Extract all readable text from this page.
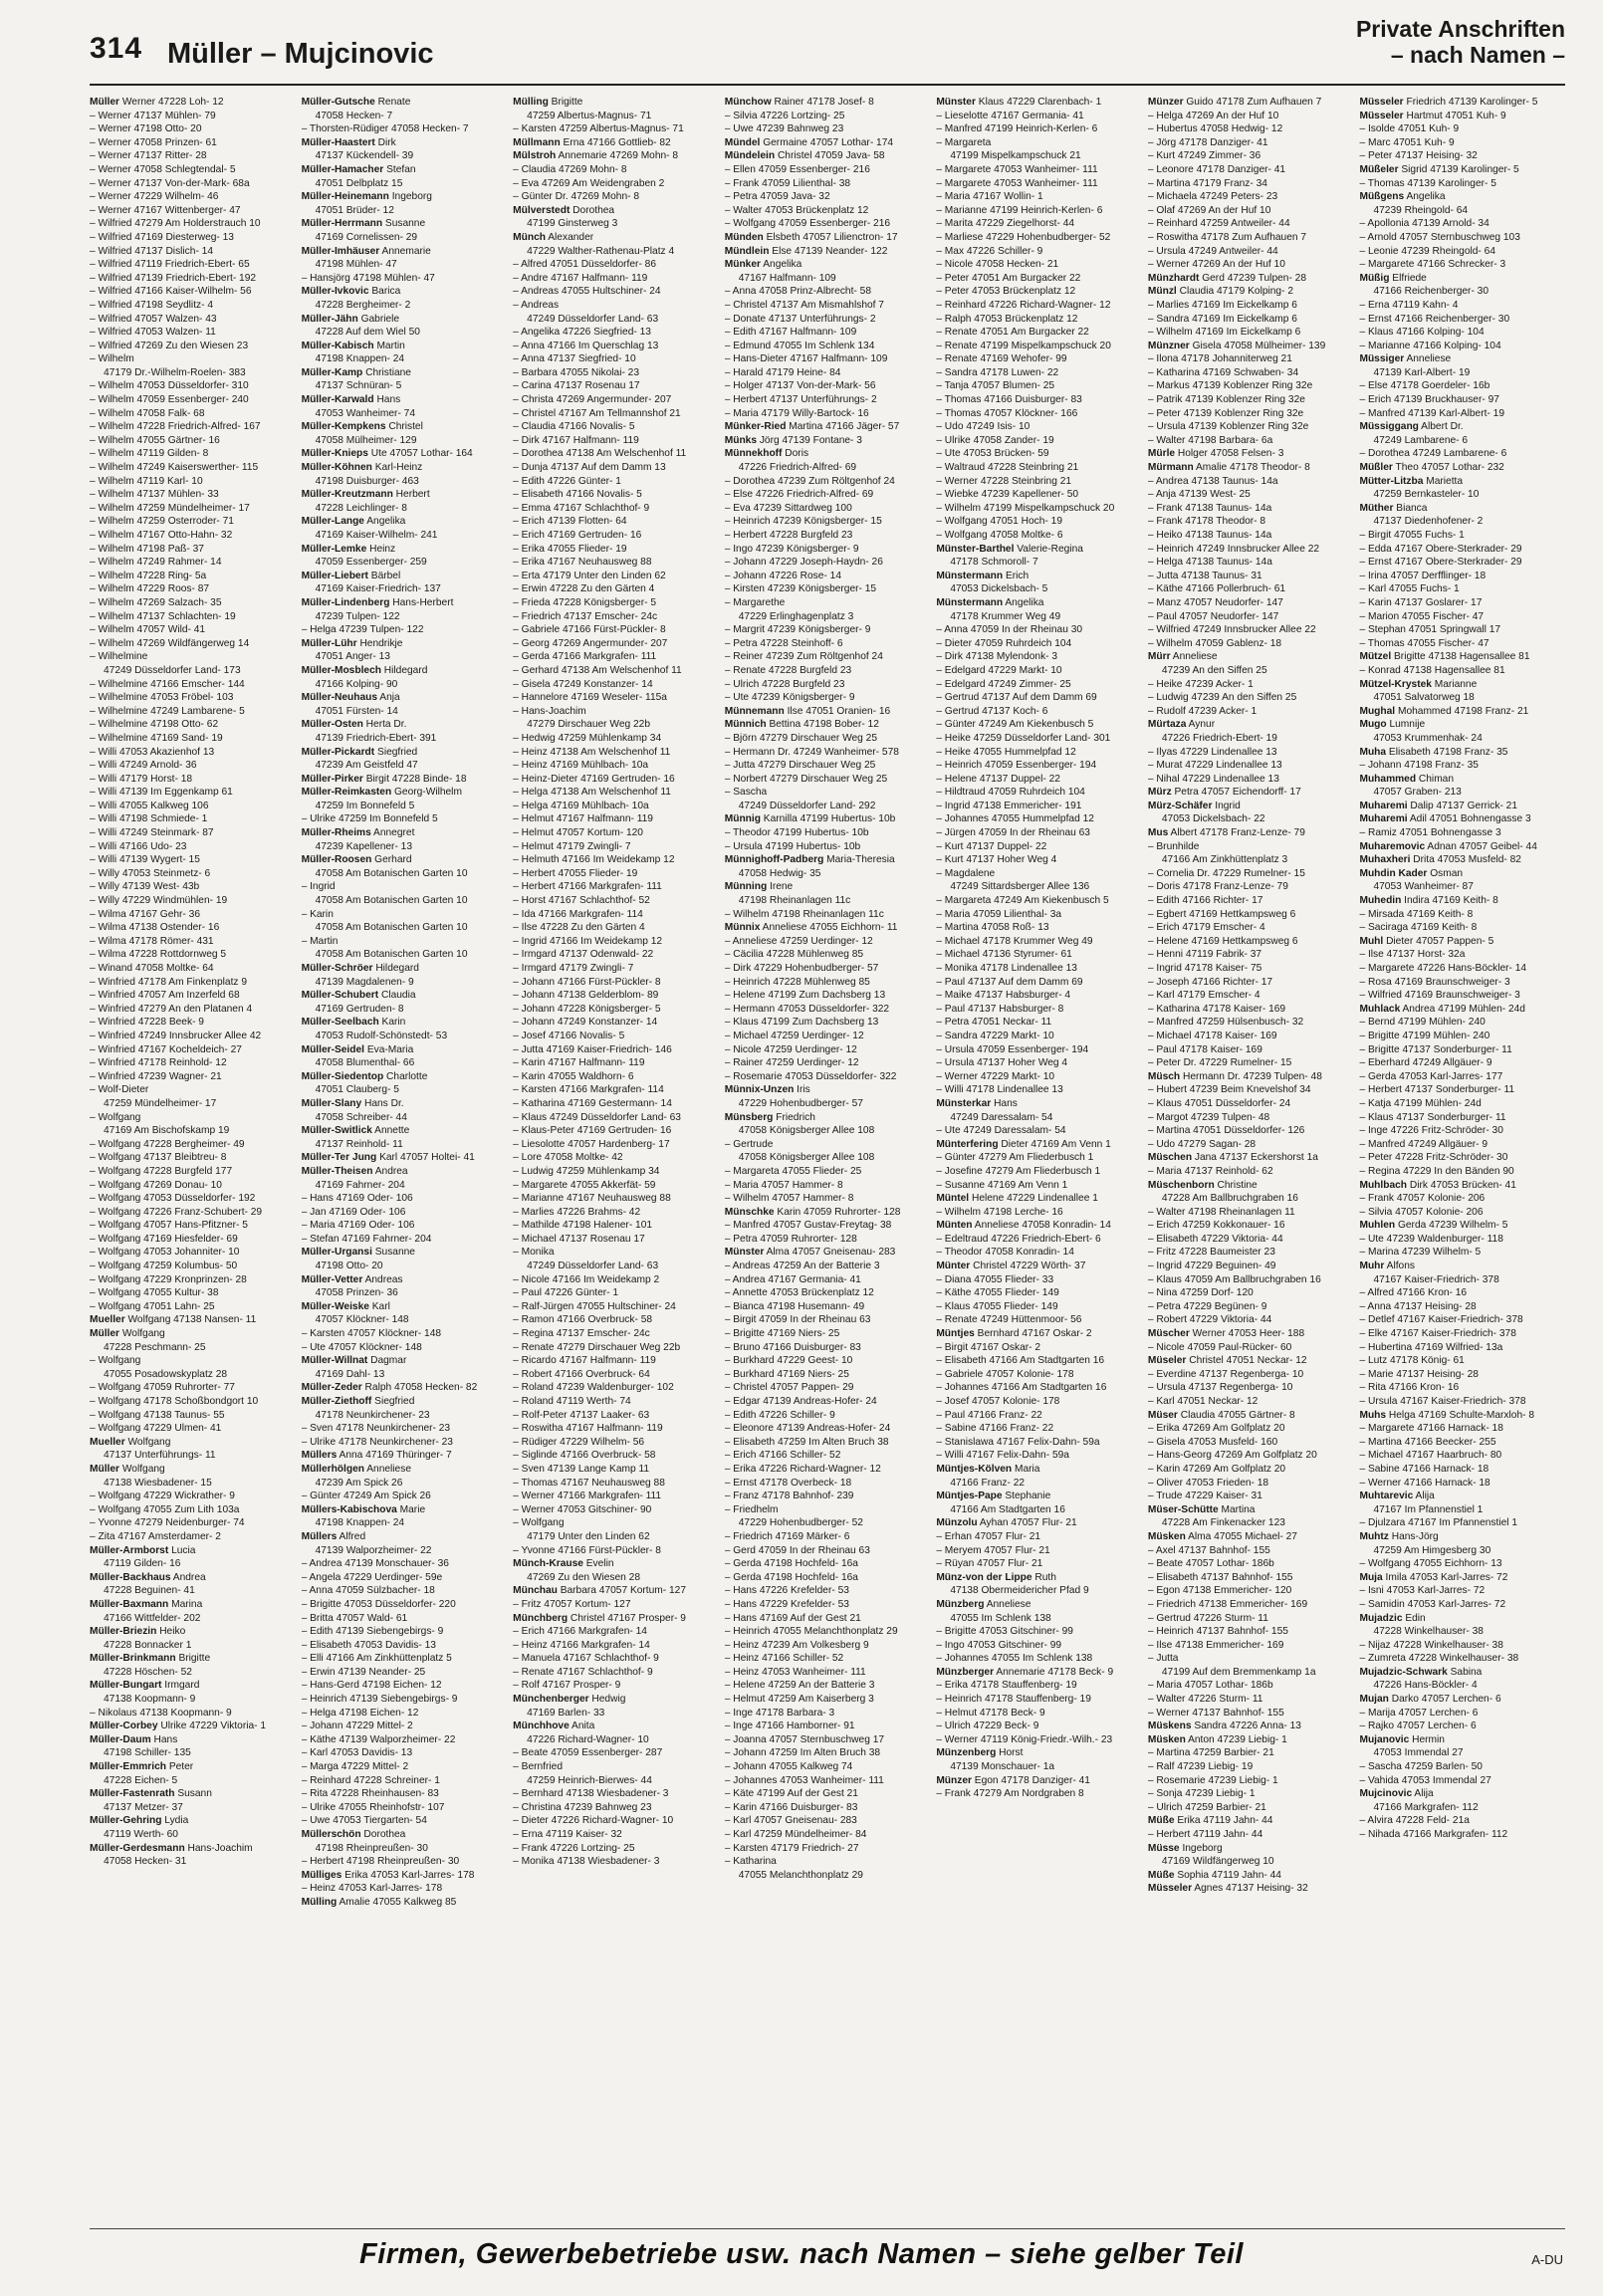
314 Müller – Mujcinovic
Private Anschriften
– nach Namen –
Müller Werner 47228 Loh- 12
– Werner 47137 Mühlen- 79
– Werner 47198 Otto- 20
– Werner 47058 Prinzen- 61
– Werner 47137 Ritter- 28
– Werner 47058 Schlegtendal- 5
– Werner 47137 Von-der-Mark- 68a
– Werner 47229 Wilhelm- 46
– Werner 47167 Wittenberger- 47
– Wilfried 47279 Am Holderstrauch 10
– Wilfried 47169 Diesterweg- 13
– Wilfried 47137 Dislich- 14
– Wilfried 47119 Friedrich-Ebert- 65
– Wilfried 47139 Friedrich-Ebert- 192
– Wilfried 47166 Kaiser-Wilhelm- 56
– Wilfried 47198 Seydlitz- 4
– Wilfried 47057 Walzen- 43
– Wilfried 47053 Walzen- 11
– Wilfried 47269 Zu den Wiesen 23
– Wilhelm
47179 Dr.-Wilhelm-Roelen- 383
– Wilhelm 47053 Düsseldorfer- 310
– Wilhelm 47059 Essenberger- 240
– Wilhelm 47058 Falk- 68
– Wilhelm 47228 Friedrich-Alfred- 167
– Wilhelm 47055 Gärtner- 16
– Wilhelm 47119 Gilden- 8
– Wilhelm 47249 Kaiserswerther- 115
– Wilhelm 47119 Karl- 10
– Wilhelm 47137 Mühlen- 33
– Wilhelm 47259 Mündelheimer- 17
– Wilhelm 47259 Osterroder- 71
– Wilhelm 47167 Otto-Hahn- 32
– Wilhelm 47198 Paß- 37
– Wilhelm 47249 Rahmer- 14
– Wilhelm 47228 Ring- 5a
– Wilhelm 47229 Roos- 87
– Wilhelm 47269 Salzach- 35
– Wilhelm 47137 Schlachten- 19
– Wilhelm 47057 Wild- 41
– Wilhelm 47269 Wildfängerweg 14
– Wilhelmine
47249 Düsseldorfer Land- 173
– Wilhelmine 47166 Emscher- 144
– Wilhelmine 47053 Fröbel- 103
– Wilhelmine 47249 Lambarene- 5
– Wilhelmine 47198 Otto- 62
– Wilhelmine 47169 Sand- 19
– Willi 47053 Akazienhof 13
– Willi 47249 Arnold- 36
– Willi 47179 Horst- 18
– Willi 47139 Im Eggenkamp 61
– Willi 47055 Kalkweg 106
– Willi 47198 Schmiede- 1
– Willi 47249 Steinmark- 87
– Willi 47166 Udo- 23
– Willi 47139 Wygert- 15
– Willy 47053 Steinmetz- 6
– Willy 47139 West- 43b
– Willy 47229 Windmühlen- 19
– Wilma 47167 Gehr- 36
– Wilma 47138 Ostender- 16
– Wilma 47178 Römer- 431
– Wilma 47228 Rottdornweg 5
– Winand 47058 Moltke- 64
– Winfried 47178 Am Finkenplatz 9
– Winfried 47057 Am Inzerfeld 68
– Winfried 47279 An den Platanen 4
– Winfried 47228 Beek- 9
– Winfried 47249 Innsbrucker Allee 42
– Winfried 47167 Kocheldeich- 27
– Winfried 47178 Reinhold- 12
– Winfried 47239 Wagner- 21
– Wolf-Dieter
47259 Mündelheimer- 17
– Wolfgang
47169 Am Bischofskamp 19
– Wolfgang 47228 Bergheimer- 49
– Wolfgang 47137 Bleibtreu- 8
– Wolfgang 47228 Burgfeld 177
– Wolfgang 47269 Donau- 10
– Wolfgang 47053 Düsseldorfer- 192
– Wolfgang 47226 Franz-Schubert- 29
– Wolfgang 47057 Hans-Pfitzner- 5
– Wolfgang 47169 Hiesfelder- 69
– Wolfgang 47053 Johanniter- 10
– Wolfgang 47259 Kolumbus- 50
– Wolfgang 47229 Kronprinzen- 28
– Wolfgang 47055 Kultur- 38
– Wolfgang 47051 Lahn- 25
Mueller Wolfgang 47138 Nansen- 11
Müller Wolfgang
47228 Peschmann- 25
– Wolfgang
47055 Posadowskyplatz 28
– Wolfgang 47059 Ruhrorter- 77
– Wolfgang 47178 Schoßbondgort 10
– Wolfgang 47138 Taunus- 55
– Wolfgang 47229 Ulmen- 41
Mueller Wolfgang
47137 Unterführungs- 11
Müller Wolfgang
47138 Wiesbadener- 15
– Wolfgang 47229 Wickrather- 9
– Wolfgang 47055 Zum Lith 103a
– Yvonne 47279 Neidenburger- 74
– Zita 47167 Amsterdamer- 2
Müller-Armborst Lucia
47119 Gilden- 16
Müller-Backhaus Andrea
47228 Beguinen- 41
Müller-Baxmann Marina
47166 Wittfelder- 202
Müller-Briezin Heiko
47228 Bonnacker 1
Müller-Brinkmann Brigitte
47228 Höschen- 52
Müller-Bungart Irmgard
47138 Koopmann- 9
– Nikolaus 47138 Koopmann- 9
Müller-Corbey Ulrike 47229 Viktoria- 1
Müller-Daum Hans
47198 Schiller- 135
Müller-Emmrich Peter
47228 Eichen- 5
Müller-Fastenrath Susann
47137 Metzer- 37
Müller-Gehring Lydia
47119 Werth- 60
Müller-Gerdesmann Hans-Joachim
47058 Hecken- 31
Müller-Gutsche Renate
47058 Hecken- 7
– Thorsten-Rüdiger 47058 Hecken- 7
Müller-Haastert Dirk
47137 Kückendell- 39
Müller-Hamacher Stefan
47051 Delbplatz 15
Müller-Heinemann Ingeborg
47051 Brüder- 12
Müller-Herrmann Susanne
47169 Cornelissen- 29
Müller-Imhäuser Annemarie
47198 Mühlen- 47
– Hansjörg 47198 Mühlen- 47
Müller-Ivkovic Barica
47228 Bergheimer- 2
Müller-Jähn Gabriele
47228 Auf dem Wiel 50
Müller-Kabisch Martin
47198 Knappen- 24
Müller-Kamp Christiane
47137 Schnüran- 5
Müller-Karwald Hans
47053 Wanheimer- 74
Müller-Kempkens Christel
47058 Mülheimer- 129
Müller-Knieps Ute 47057 Lothar- 164
Müller-Köhnen Karl-Heinz
47198 Duisburger- 463
Müller-Kreutzmann Herbert
47228 Leichlinger- 8
Müller-Lange Angelika
47169 Kaiser-Wilhelm- 241
Müller-Lemke Heinz
47059 Essenberger- 259
Müller-Liebert Bärbel
47169 Kaiser-Friedrich- 137
Müller-Lindenberg Hans-Herbert
47239 Tulpen- 122
– Helga 47239 Tulpen- 122
Müller-Lühr Hendrikje
47051 Anger- 13
Müller-Mosblech Hildegard
47166 Kolping- 90
Müller-Neuhaus Anja
47051 Fürsten- 14
Müller-Osten Herta Dr.
47139 Friedrich-Ebert- 391
Müller-Pickardt Siegfried
47239 Am Geistfeld 47
Müller-Pirker Birgit 47228 Binde- 18
Müller-Reimkasten Georg-Wilhelm
47259 Im Bonnefeld 5
– Ulrike 47259 Im Bonnefeld 5
Müller-Rheims Annegret
47239 Kapellener- 13
Müller-Roosen Gerhard
47058 Am Botanischen Garten 10
– Ingrid
47058 Am Botanischen Garten 10
– Karin
47058 Am Botanischen Garten 10
– Martin
47058 Am Botanischen Garten 10
Müller-Schröer Hildegard
47139 Magdalenen- 9
Müller-Schubert Claudia
47169 Gertruden- 8
Müller-Seelbach Karin
47053 Rudolf-Schönstedt- 53
Müller-Seidel Eva-Maria
47058 Blumenthal- 66
Müller-Siedentop Charlotte
47051 Clauberg- 5
Müller-Slany Hans Dr.
47058 Schreiber- 44
Müller-Switlick Annette
47137 Reinhold- 11
Müller-Ter Jung Karl 47057 Holtei- 41
Müller-Theisen Andrea
47169 Fahrner- 204
– Hans 47169 Oder- 106
– Jan 47169 Oder- 106
– Maria 47169 Oder- 106
– Stefan 47169 Fahrner- 204
Müller-Urgansi Susanne
47198 Otto- 20
Müller-Vetter Andreas
47058 Prinzen- 36
Müller-Weiske Karl
47057 Klöckner- 148
– Karsten 47057 Klöckner- 148
– Ute 47057 Klöckner- 148
Müller-Willnat Dagmar
47169 Dahl- 13
Müller-Zeder Ralph 47058 Hecken- 82
Müller-Ziethoff Siegfried
47178 Neunkirchener- 23
– Sven 47178 Neunkirchener- 23
– Ulrike 47178 Neunkirchener- 23
Müllers Anna 47169 Thüringer- 7
Müllerhölgen Anneliese
47239 Am Spick 26
– Günter 47249 Am Spick 26
Müllers-Kabischova Marie
47198 Knappen- 24
Müllers Alfred
47139 Walporzheimer- 22
– Andrea 47139 Monschauer- 36
– Angela 47229 Uerdinger- 59e
– Anna 47059 Sülzbacher- 18
– Brigitte 47053 Düsseldorfer- 220
– Britta 47057 Wald- 61
– Edith 47139 Siebengebirgs- 9
– Elisabeth 47053 Davidis- 13
– Elli 47166 Am Zinkhüttenplatz 5
– Erwin 47139 Neander- 25
– Hans-Gerd 47198 Eichen- 12
– Heinrich 47139 Siebengebirgs- 9
– Helga 47198 Eichen- 12
– Johann 47229 Mittel- 2
– Käthe 47139 Walporzheimer- 22
– Karl 47053 Davidis- 13
– Marga 47229 Mittel- 2
– Reinhard 47228 Schreiner- 1
– Rita 47228 Rheinhausen- 83
– Ulrike 47055 Rheinhofstr- 107
– Uwe 47053 Tiergarten- 54
Müllerschön Dorothea
47198 Rheinpreußen- 30
– Herbert 47198 Rheinpreußen- 30
Mülliges Erika 47053 Karl-Jarres- 178
– Heinz 47053 Karl-Jarres- 178
Mülling Amalie 47055 Kalkweg 85
Mülling Brigitte
47259 Albertus-Magnus- 71
– Karsten 47259 Albertus-Magnus- 71
Müllmann Erna 47166 Gottlieb- 82
Mülstroh Annemarie 47269 Mohn- 8
– Claudia 47269 Mohn- 8
– Eva 47269 Am Weidengraben 2
– Günter Dr. 47269 Mohn- 8
Mülverstedt Dorothea
47199 Ginsterweg 3
Münch Alexander
47229 Walther-Rathenau-Platz 4
– Alfred 47051 Düsseldorfer- 86
– Andre 47167 Halfmann- 119
– Andreas 47055 Hultschiner- 24
– Andreas
47249 Düsseldorfer Land- 63
– Angelika 47226 Siegfried- 13
– Anna 47166 Im Querschlag 13
– Anna 47137 Siegfried- 10
– Barbara 47055 Nikolai- 23
– Carina 47137 Rosenau 17
– Christa 47269 Angermunder- 207
– Christel 47167 Am Tellmannshof 21
– Claudia 47166 Novalis- 5
– Dirk 47167 Halfmann- 119
– Dorothea 47138 Am Welschenhof 11
– Dunja 47137 Auf dem Damm 13
– Edith 47226 Günter- 1
– Elisabeth 47166 Novalis- 5
– Emma 47167 Schlachthof- 9
– Erich 47139 Flotten- 64
– Erich 47169 Gertruden- 16
– Erika 47055 Flieder- 19
– Erika 47167 Neuhausweg 88
– Erta 47179 Unter den Linden 62
– Erwin 47228 Zu den Gärten 4
– Frieda 47228 Königsberger- 5
– Friedrich 47137 Emscher- 24c
– Gabriele 47166 Fürst-Pückler- 8
– Georg 47269 Angermunder- 207
– Gerda 47166 Markgrafen- 111
– Gerhard 47138 Am Welschenhof 11
– Gisela 47249 Konstanzer- 14
– Hannelore 47169 Weseler- 115a
– Hans-Joachim
47279 Dirschauer Weg 22b
– Hedwig 47259 Mühlenkamp 34
– Heinz 47138 Am Welschenhof 11
– Heinz 47169 Mühlbach- 10a
– Heinz-Dieter 47169 Gertruden- 16
– Helga 47138 Am Welschenhof 11
– Helga 47169 Mühlbach- 10a
– Helmut 47167 Halfmann- 119
– Helmut 47057 Kortum- 120
– Helmut 47179 Zwingli- 7
– Helmuth 47166 Im Weidekamp 12
– Herbert 47055 Flieder- 19
– Herbert 47166 Markgrafen- 111
– Horst 47167 Schlachthof- 52
– Ida 47166 Markgrafen- 114
– Ilse 47228 Zu den Gärten 4
– Ingrid 47166 Im Weidekamp 12
– Irmgard 47137 Odenwald- 22
– Irmgard 47179 Zwingli- 7
– Johann 47166 Fürst-Pückler- 8
– Johann 47138 Gelderblom- 89
– Johann 47228 Königsberger- 5
– Johann 47249 Konstanzer- 14
– Josef 47166 Novalis- 5
– Jutta 47169 Kaiser-Friedrich- 146
– Karin 47167 Halfmann- 119
– Karin 47055 Waldhorn- 6
– Karsten 47166 Markgrafen- 114
– Katharina 47169 Gestermann- 14
– Klaus 47249 Düsseldorfer Land- 63
– Klaus-Peter 47169 Gertruden- 16
– Liesolotte 47057 Hardenberg- 17
– Lore 47058 Moltke- 42
– Ludwig 47259 Mühlenkamp 34
– Margarete 47055 Akkerfät- 59
– Marianne 47167 Neuhausweg 88
– Marlies 47226 Brahms- 42
– Mathilde 47198 Halener- 101
– Michael 47137 Rosenau 17
– Monika
47249 Düsseldorfer Land- 63
– Nicole 47166 Im Weidekamp 2
– Paul 47226 Günter- 1
– Ralf-Jürgen 47055 Hultschiner- 24
– Ramon 47166 Overbruck- 58
– Regina 47137 Emscher- 24c
– Renate 47279 Dirschauer Weg 22b
– Ricardo 47167 Halfmann- 119
– Robert 47166 Overbruck- 64
– Roland 47239 Waldenburger- 102
– Roland 47119 Werth- 74
– Rolf-Peter 47137 Laaker- 63
– Roswitha 47167 Halfmann- 119
– Rüdiger 47229 Wilhelm- 56
– Siglinde 47166 Overbruck- 58
– Sven 47139 Lange Kamp 11
– Thomas 47167 Neuhausweg 88
– Werner 47166 Markgrafen- 111
– Werner 47053 Gitschiner- 90
– Wolfgang
47179 Unter den Linden 62
– Yvonne 47166 Fürst-Pückler- 8
Münch-Krause Evelin
47269 Zu den Wiesen 28
Münchau Barbara 47057 Kortum- 127
– Fritz 47057 Kortum- 127
Münchberg Christel 47167 Prosper- 9
– Erich 47166 Markgrafen- 14
– Heinz 47166 Markgrafen- 14
– Manuela 47167 Schlachthof- 9
– Renate 47167 Schlachthof- 9
– Rolf 47167 Prosper- 9
Münchenberger Hedwig
47169 Barlen- 33
Münchhove Anita
47226 Richard-Wagner- 10
– Beate 47059 Essenberger- 287
– Bernfried
47259 Heinrich-Bierwes- 44
– Bernhard 47138 Wiesbadener- 3
– Christina 47239 Bahnweg 23
– Dieter 47226 Richard-Wagner- 10
– Erna 47119 Kaiser- 32
– Frank 47226 Lortzing- 25
– Monika 47138 Wiesbadener- 3
Münchow Rainer 47178 Josef- 8
– Silvia 47226 Lortzing- 25
– Uwe 47239 Bahnweg 23
Mündel Germaine 47057 Lothar- 174
Mündelein Christel 47059 Java- 58
– Ellen 47059 Essenberger- 216
– Frank 47059 Lilienthal- 38
– Petra 47059 Java- 32
– Walter 47053 Brückenplatz 12
– Wolfgang 47059 Essenberger- 216
Münden Elsbeth 47057 Lilienctron- 17
Mündlein Else 47139 Neander- 122
Münker Angelika
47167 Halfmann- 109
– Anna 47058 Prinz-Albrecht- 58
– Christel 47137 Am Mismahlshof 7
– Donate 47137 Unterführungs- 2
– Edith 47167 Halfmann- 109
– Edmund 47055 Im Schlenk 134
– Hans-Dieter 47167 Halfmann- 109
– Harald 47179 Heine- 84
– Holger 47137 Von-der-Mark- 56
– Herbert 47137 Unterführungs- 2
– Maria 47179 Willy-Bartock- 16
Münker-Ried Martina 47166 Jäger- 57
Münks Jörg 47139 Fontane- 3
Münnekhoff Doris
47226 Friedrich-Alfred- 69
– Dorothea 47239 Zum Röltgenhof 24
– Else 47226 Friedrich-Alfred- 69
– Eva 47239 Sittardweg 100
– Heinrich 47239 Königsberger- 15
– Herbert 47228 Burgfeld 23
– Ingo 47239 Königsberger- 9
– Johann 47229 Joseph-Haydn- 26
– Johann 47226 Rose- 14
– Kirsten 47239 Königsberger- 15
– Margarethe
47229 Erlinghagenplatz 3
– Margrit 47239 Königsberger- 9
– Petra 47228 Steinhoff- 6
– Reiner 47239 Zum Röltgenhof 24
– Renate 47228 Burgfeld 23
– Ulrich 47228 Burgfeld 23
– Ute 47239 Königsberger- 9
Münnemann Ilse 47051 Oranien- 16
Münnich Bettina 47198 Bober- 12
– Björn 47279 Dirschauer Weg 25
– Hermann Dr. 47249 Wanheimer- 578
– Jutta 47279 Dirschauer Weg 25
– Norbert 47279 Dirschauer Weg 25
– Sascha
47249 Düsseldorfer Land- 292
Münnig Karnilla 47199 Hubertus- 10b
– Theodor 47199 Hubertus- 10b
– Ursula 47199 Hubertus- 10b
Münnighoff-Padberg Maria-Theresia
47058 Hedwig- 35
Münning Irene
47198 Rheinanlagen 11c
– Wilhelm 47198 Rheinanlagen 11c
Münnix Anneliese 47055 Eichhorn- 11
– Anneliese 47259 Uerdinger- 12
– Cäcilia 47228 Mühlenweg 85
– Dirk 47229 Hohenbudberger- 57
– Heinrich 47228 Mühlenweg 85
– Helene 47199 Zum Dachsberg 13
– Hermann 47053 Düsseldorfer- 322
– Klaus 47199 Zum Dachsberg 13
– Michael 47259 Uerdinger- 12
– Nicole 47259 Uerdinger- 12
– Rainer 47259 Uerdinger- 12
– Rosemarie 47053 Düsseldorfer- 322
Münnix-Unzen Iris
47229 Hohenbudberger- 57
Münsberg Friedrich
47058 Königsberger Allee 108
– Gertrude
47058 Königsberger Allee 108
– Margareta 47055 Flieder- 25
– Maria 47057 Hammer- 8
– Wilhelm 47057 Hammer- 8
Münschke Karin 47059 Ruhrorter- 128
– Manfred 47057 Gustav-Freytag- 38
– Petra 47059 Ruhrorter- 128
Münster Alma 47057 Gneisenau- 283
– Andreas 47259 An der Batterie 3
– Andrea 47167 Germania- 41
– Annette 47053 Brückenplatz 12
– Bianca 47198 Husemann- 49
– Birgit 47059 In der Rheinau 63
– Brigitte 47169 Niers- 25
– Bruno 47166 Duisburger- 83
– Burkhard 47229 Geest- 10
– Burkhard 47169 Niers- 25
– Christel 47057 Pappen- 29
– Edgar 47139 Andreas-Hofer- 24
– Edith 47226 Schiller- 9
– Eleonore 47139 Andreas-Hofer- 24
– Elisabeth 47259 Im Alten Bruch 38
– Erich 47166 Schiller- 52
– Erika 47226 Richard-Wagner- 12
– Ernst 47178 Overbeck- 18
– Franz 47178 Bahnhof- 239
– Friedhelm
47229 Hohenbudberger- 52
– Friedrich 47169 Märker- 6
– Gerd 47059 In der Rheinau 63
– Gerda 47198 Hochfeld- 16a
– Gerda 47198 Hochfeld- 16a
– Hans 47226 Krefelder- 53
– Hans 47229 Krefelder- 53
– Hans 47169 Auf der Gest 21
– Heinrich 47055 Melanchthonplatz 29
– Heinz 47239 Am Volkesberg 9
– Heinz 47166 Schiller- 52
– Heinz 47053 Wanheimer- 111
– Helene 47259 An der Batterie 3
– Helmut 47259 Am Kaiserberg 3
– Inge 47178 Barbara- 3
– Inge 47166 Hamborner- 91
– Joanna 47057 Sternbuschweg 17
– Johann 47259 Im Alten Bruch 38
– Johann 47055 Kalkweg 74
– Johannes 47053 Wanheimer- 111
– Käte 47199 Auf der Gest 21
– Karin 47166 Duisburger- 83
– Karl 47057 Gneisenau- 283
– Karl 47259 Mündelheimer- 84
– Karsten 47179 Friedrich- 27
– Katharina
47055 Melanchthonplatz 29
Münster Klaus 47229 Clarenbach- 1
– Lieselotte 47167 Germania- 41
– Manfred 47199 Heinrich-Kerlen- 6
– Margareta
47199 Mispelkampschuck 21
– Margarete 47053 Wanheimer- 111
– Margarete 47053 Wanheimer- 111
– Maria 47167 Wollin- 1
– Marianne 47199 Heinrich-Kerlen- 6
– Marita 47229 Ziegelhorst- 44
– Marliese 47229 Hohenbudberger- 52
– Max 47226 Schiller- 9
– Nicole 47058 Hecken- 21
– Peter 47051 Am Burgacker 22
– Peter 47053 Brückenplatz 12
– Reinhard 47226 Richard-Wagner- 12
– Ralph 47053 Brückenplatz 12
– Renate 47051 Am Burgacker 22
– Renate 47199 Mispelkampschuck 20
– Renate 47169 Wehofer- 99
– Sandra 47178 Luwen- 22
– Tanja 47057 Blumen- 25
– Thomas 47166 Duisburger- 83
– Thomas 47057 Klöckner- 166
– Udo 47249 Isis- 10
– Ulrike 47058 Zander- 19
– Ute 47053 Brücken- 59
– Waltraud 47228 Steinbring 21
– Werner 47228 Steinbring 21
– Wiebke 47239 Kapellener- 50
– Wilhelm 47199 Mispelkampschuck 20
– Wolfgang 47051 Hoch- 19
– Wolfgang 47058 Moltke- 6
Münster-Barthel Valerie-Regina
47178 Schmoroll- 7
Münstermann Erich
47053 Dickelsbach- 5
Münstermann Angelika
47178 Krummer Weg 49
– Anna 47059 In der Rheinau 30
– Dieter 47059 Ruhrdeich 104
– Dirk 47138 Mylendonk- 3
– Edelgard 47229 Markt- 10
– Edelgard 47249 Zimmer- 25
– Gertrud 47137 Auf dem Damm 69
– Gertrud 47137 Koch- 6
– Günter 47249 Am Kiekenbusch 5
– Heike 47259 Düsseldorfer Land- 301
– Heike 47055 Hummelpfad 12
– Heinrich 47059 Essenberger- 194
– Helene 47137 Duppel- 22
– Hildtraud 47059 Ruhrdeich 104
– Ingrid 47138 Emmericher- 191
– Johannes 47055 Hummelpfad 12
– Jürgen 47059 In der Rheinau 63
– Kurt 47137 Duppel- 22
– Kurt 47137 Hoher Weg 4
– Magdalene
47249 Sittardsberger Allee 136
– Margareta 47249 Am Kiekenbusch 5
– Maria 47059 Lilienthal- 3a
– Martina 47058 Roß- 13
– Michael 47178 Krummer Weg 49
– Michael 47136 Styrumer- 61
– Monika 47178 Lindenallee 13
– Paul 47137 Auf dem Damm 69
– Maike 47137 Habsburger- 4
– Paul 47137 Habsburger- 8
– Petra 47051 Neckar- 11
– Sandra 47229 Markt- 10
– Ursula 47059 Essenberger- 194
– Ursula 47137 Hoher Weg 4
– Werner 47229 Markt- 10
– Willi 47178 Lindenallee 13
Münsterkar Hans
47249 Daressalam- 54
– Ute 47249 Daressalam- 54
Münterfering Dieter 47169 Am Venn 1
– Günter 47279 Am Fliederbusch 1
– Josefine 47279 Am Fliederbusch 1
– Susanne 47169 Am Venn 1
Müntel Helene 47229 Lindenallee 1
– Wilhelm 47198 Lerche- 16
Münten Anneliese 47058 Konradin- 14
– Edeltraud 47226 Friedrich-Ebert- 6
– Theodor 47058 Konradin- 14
Münter Christel 47229 Wörth- 37
– Diana 47055 Flieder- 33
– Käthe 47055 Flieder- 149
– Klaus 47055 Flieder- 149
– Renate 47249 Hüttenmoor- 56
Müntjes Bernhard 47167 Oskar- 2
– Birgit 47167 Oskar- 2
– Elisabeth 47166 Am Stadtgarten 16
– Gabriele 47057 Kolonie- 178
– Johannes 47166 Am Stadtgarten 16
– Josef 47057 Kolonie- 178
– Paul 47166 Franz- 22
– Sabine 47166 Franz- 22
– Stanislawa 47167 Felix-Dahn- 59a
– Willi 47167 Felix-Dahn- 59a
Müntjes-Kölven Maria
47166 Franz- 22
Müntjes-Pape Stephanie
47166 Am Stadtgarten 16
Münzolu Ayhan 47057 Flur- 21
– Erhan 47057 Flur- 21
– Meryem 47057 Flur- 21
– Rüyan 47057 Flur- 21
Münz-von der Lippe Ruth
47138 Obermeidericher Pfad 9
Münzberg Anneliese
47055 Im Schlenk 138
– Brigitte 47053 Gitschiner- 99
– Ingo 47053 Gitschiner- 99
– Johannes 47055 Im Schlenk 138
Münzberger Annemarie 47178 Beck- 9
– Erika 47178 Stauffenberg- 19
– Heinrich 47178 Stauffenberg- 19
– Helmut 47178 Beck- 9
– Ulrich 47229 Beck- 9
– Werner 47119 König-Friedr.-Wilh.- 23
Münzenberg Horst
47139 Monschauer- 1a
Münzer Egon 47178 Danziger- 41
– Frank 47279 Am Nordgraben 8
Münzer Guido 47178 Zum Aufhauen 7
– Helga 47269 An der Huf 10
– Hubertus 47058 Hedwig- 12
– Jörg 47178 Danziger- 41
– Kurt 47249 Zimmer- 36
– Leonore 47178 Danziger- 41
– Martina 47179 Franz- 34
– Michaela 47249 Peters- 23
– Olaf 47269 An der Huf 10
– Reinhard 47259 Antweiler- 44
– Roswitha 47178 Zum Aufhauen 7
– Ursula 47249 Antweiler- 44
– Werner 47269 An der Huf 10
Münzhardt Gerd 47239 Tulpen- 28
Münzl Claudia 47179 Kolping- 2
– Marlies 47169 Im Eickelkamp 6
– Sandra 47169 Im Eickelkamp 6
– Wilhelm 47169 Im Eickelkamp 6
Münzner Gisela 47058 Mülheimer- 139
– Ilona 47178 Johanniterweg 21
– Katharina 47169 Schwaben- 34
– Markus 47139 Koblenzer Ring 32e
– Patrik 47139 Koblenzer Ring 32e
– Peter 47139 Koblenzer Ring 32e
– Ursula 47139 Koblenzer Ring 32e
– Walter 47198 Barbara- 6a
Mürle Holger 47058 Felsen- 3
Mürmann Amalie 47178 Theodor- 8
– Andrea 47138 Taunus- 14a
– Anja 47139 West- 25
– Frank 47138 Taunus- 14a
– Frank 47178 Theodor- 8
– Heiko 47138 Taunus- 14a
– Heinrich 47249 Innsbrucker Allee 22
– Helga 47138 Taunus- 14a
– Jutta 47138 Taunus- 31
– Käthe 47166 Pollerbruch- 61
– Manz 47057 Neudorfer- 147
– Paul 47057 Neudorfer- 147
– Wilfried 47249 Innsbrucker Allee 22
– Wilhelm 47059 Gablenz- 18
Mürr Anneliese
47239 An den Siffen 25
– Heike 47239 Acker- 1
– Ludwig 47239 An den Siffen 25
– Rudolf 47239 Acker- 1
Mürtaza Aynur
47226 Friedrich-Ebert- 19
– Ilyas 47229 Lindenallee 13
– Murat 47229 Lindenallee 13
– Nihal 47229 Lindenallee 13
Mürz Petra 47057 Eichendorff- 17
Mürz-Schäfer Ingrid
47053 Dickelsbach- 22
Mus Albert 47178 Franz-Lenze- 79
– Brunhilde
47166 Am Zinkhüttenplatz 3
– Cornelia Dr. 47229 Rumelner- 15
– Doris 47178 Franz-Lenze- 79
– Edith 47166 Richter- 17
– Egbert 47169 Hettkampsweg 6
– Erich 47179 Emscher- 4
– Helene 47169 Hettkampsweg 6
– Henni 47119 Fabrik- 37
– Ingrid 47178 Kaiser- 75
– Joseph 47166 Richter- 17
– Karl 47179 Emscher- 4
– Katharina 47178 Kaiser- 169
– Manfred 47259 Hülsenbusch- 32
– Michael 47178 Kaiser- 169
– Paul 47178 Kaiser- 169
– Peter Dr. 47229 Rumelner- 15
Müsch Hermann Dr. 47239 Tulpen- 48
– Hubert 47239 Beim Knevelshof 34
– Klaus 47051 Düsseldorfer- 24
– Margot 47239 Tulpen- 48
– Martina 47051 Düsseldorfer- 126
– Udo 47279 Sagan- 28
Müschen Jana 47137 Eckershorst 1a
– Maria 47137 Reinhold- 62
Müschenborn Christine
47228 Am Ballbruchgraben 16
– Walter 47198 Rheinanlagen 11
– Erich 47259 Kokkonauer- 16
– Elisabeth 47229 Viktoria- 44
– Fritz 47228 Baumeister 23
– Ingrid 47229 Beguinen- 49
– Klaus 47059 Am Ballbruchgraben 16
– Nina 47259 Dorf- 120
– Petra 47229 Begünen- 9
– Robert 47229 Viktoria- 44
Müscher Werner 47053 Heer- 188
– Nicole 47059 Paul-Rücker- 60
Müseler Christel 47051 Neckar- 12
– Everdine 47137 Regenberga- 10
– Ursula 47137 Regenberga- 10
– Karl 47051 Neckar- 12
Müser Claudia 47055 Gärtner- 8
– Erika 47269 Am Golfplatz 20
– Gisela 47053 Musfeld- 160
– Hans-Georg 47269 Am Golfplatz 20
– Karin 47269 Am Golfplatz 20
– Oliver 47053 Frieden- 18
– Trude 47229 Kaiser- 31
Müser-Schütte Martina
47228 Am Finkenacker 123
Müsken Alma 47055 Michael- 27
– Axel 47137 Bahnhof- 155
– Beate 47057 Lothar- 186b
– Elisabeth 47137 Bahnhof- 155
– Egon 47138 Emmericher- 120
– Friedrich 47138 Emmericher- 169
– Gertrud 47226 Sturm- 11
– Heinrich 47137 Bahnhof- 155
– Ilse 47138 Emmericher- 169
– Jutta
47199 Auf dem Bremmenkamp 1a
– Maria 47057 Lothar- 186b
– Walter 47226 Sturm- 11
– Werner 47137 Bahnhof- 155
Müskens Sandra 47226 Anna- 13
Müsken Anton 47239 Liebig- 1
– Martina 47259 Barbier- 21
– Ralf 47239 Liebig- 19
– Rosemarie 47239 Liebig- 1
– Sonja 47239 Liebig- 1
– Ulrich 47259 Barbier- 21
Müße Erika 47119 Jahn- 44
– Herbert 47119 Jahn- 44
Müsse Ingeborg
47169 Wildfängerweg 10
Müße Sophia 47119 Jahn- 44
Müsseler Agnes 47137 Heising- 32
Müsseler Friedrich 47139 Karolinger- 5
Müsseler Hartmut 47051 Kuh- 9
– Isolde 47051 Kuh- 9
– Marc 47051 Kuh- 9
– Peter 47137 Heising- 32
Müßeler Sigrid 47139 Karolinger- 5
– Thomas 47139 Karolinger- 5
Müßgens Angelika
47239 Rheingold- 64
– Apollonia 47139 Arnold- 34
– Arnold 47057 Sternbuschweg 103
– Leonie 47239 Rheingold- 64
– Margarete 47166 Schrecker- 3
Müßig Elfriede
47166 Reichenberger- 30
– Erna 47119 Kahn- 4
– Ernst 47166 Reichenberger- 30
– Klaus 47166 Kolping- 104
– Marianne 47166 Kolping- 104
Müssiger Anneliese
47139 Karl-Albert- 19
– Else 47178 Goerdeler- 16b
– Erich 47139 Bruckhauser- 97
– Manfred 47139 Karl-Albert- 19
Müssiggang Albert Dr.
47249 Lambarene- 6
– Dorothea 47249 Lambarene- 6
Müßler Theo 47057 Lothar- 232
Mütter-Litzba Marietta
47259 Bernkasteler- 10
Müther Bianca
47137 Diedenhofener- 2
– Birgit 47055 Fuchs- 1
– Edda 47167 Obere-Sterkrader- 29
– Ernst 47167 Obere-Sterkrader- 29
– Irina 47057 Derfflinger- 18
– Karl 47055 Fuchs- 1
– Karin 47137 Goslarer- 17
– Marion 47055 Fischer- 47
– Stephan 47051 Springwall 17
– Thomas 47055 Fischer- 47
Mützel Brigitte 47138 Hagensallee 81
– Konrad 47138 Hagensallee 81
Mützel-Krystek Marianne
47051 Salvatorweg 18
Mughal Mohammed 47198 Franz- 21
Mugo Lumnije
47053 Krummenhak- 24
Muha Elisabeth 47198 Franz- 35
– Johann 47198 Franz- 35
Muhammed Chiman
47057 Graben- 213
Muharemi Dalip 47137 Gerrick- 21
Muharemi Adil 47051 Bohnengasse 3
– Ramiz 47051 Bohnengasse 3
Muharemovic Adnan 47057 Geibel- 44
Muhaxheri Drita 47053 Musfeld- 82
Muhdin Kader Osman
47053 Wanheimer- 87
Muhedin Indira 47169 Keith- 8
– Mirsada 47169 Keith- 8
– Saciraga 47169 Keith- 8
Muhl Dieter 47057 Pappen- 5
– Ilse 47137 Horst- 32a
– Margarete 47226 Hans-Böckler- 14
– Rosa 47169 Braunschweiger- 3
– Wilfried 47169 Braunschweiger- 3
Muhlack Andrea 47199 Mühlen- 24d
– Bernd 47199 Mühlen- 240
– Brigitte 47199 Mühlen- 240
– Brigitte 47137 Sonderburger- 11
– Eberhard 47249 Allgäuer- 9
– Gerda 47053 Karl-Jarres- 177
– Herbert 47137 Sonderburger- 11
– Katja 47199 Mühlen- 24d
– Klaus 47137 Sonderburger- 11
– Inge 47226 Fritz-Schröder- 30
– Manfred 47249 Allgäuer- 9
– Peter 47228 Fritz-Schröder- 30
– Regina 47229 In den Bänden 90
Muhlbach Dirk 47053 Brücken- 41
– Frank 47057 Kolonie- 206
– Silvia 47057 Kolonie- 206
Muhlen Gerda 47239 Wilhelm- 5
– Ute 47239 Waldenburger- 118
– Marina 47239 Wilhelm- 5
Muhr Alfons
47167 Kaiser-Friedrich- 378
– Alfred 47166 Kron- 16
– Anna 47137 Heising- 28
– Detlef 47167 Kaiser-Friedrich- 378
– Elke 47167 Kaiser-Friedrich- 378
– Hubertina 47169 Wilfried- 13a
– Lutz 47178 König- 61
– Marie 47137 Heising- 28
– Rita 47166 Kron- 16
– Ursula 47167 Kaiser-Friedrich- 378
Muhs Helga 47169 Schulte-Marxloh- 8
– Margarete 47166 Harnack- 18
– Martina 47166 Beecker- 255
– Michael 47167 Haarbruch- 80
– Sabine 47166 Harnack- 18
– Werner 47166 Harnack- 18
Muhtarevic Alija
47167 Im Pfannenstiel 1
– Djulzara 47167 Im Pfannenstiel 1
Muhtz Hans-Jörg
47259 Am Himgesberg 30
– Wolfgang 47055 Eichhorn- 13
Muja Imila 47053 Karl-Jarres- 72
– Isni 47053 Karl-Jarres- 72
– Samidin 47053 Karl-Jarres- 72
Mujadzic Edin
47228 Winkelhauser- 38
– Nijaz 47228 Winkelhauser- 38
– Zumreta 47228 Winkelhauser- 38
Mujadzic-Schwark Sabina
47226 Hans-Böckler- 4
Mujan Darko 47057 Lerchen- 6
– Marija 47057 Lerchen- 6
– Rajko 47057 Lerchen- 6
Mujanovic Hermin
47053 Immendal 27
– Sascha 47259 Barlen- 50
– Vahida 47053 Immendal 27
Mujcinovic Alija
47166 Markgrafen- 112
– Alvira 47228 Feld- 21a
– Nihada 47166 Markgrafen- 112
Firmen, Gewerbebetriebe usw. nach Namen – siehe gelber Teil	A-DU
